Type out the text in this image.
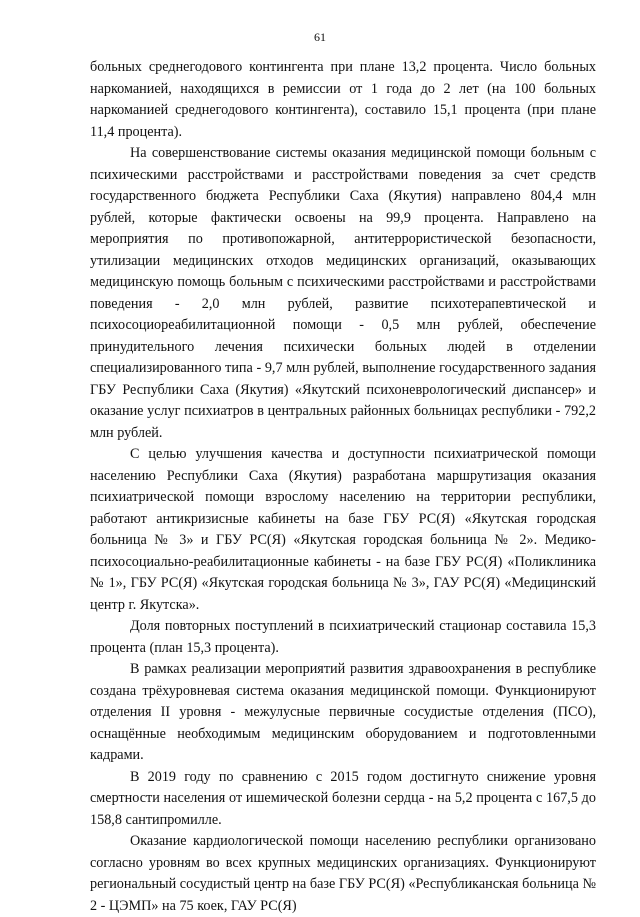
61

больных среднегодового контингента при плане 13,2 процента. Число больных наркоманией, находящихся в ремиссии от 1 года до 2 лет (на 100 больных наркоманией среднегодового контингента), составило 15,1 процента (при плане 11,4 процента).

На совершенствование системы оказания медицинской помощи больным с психическими расстройствами и расстройствами поведения за счет средств государственного бюджета Республики Саха (Якутия) направлено 804,4 млн рублей, которые фактически освоены на 99,9 процента. Направлено на мероприятия по противопожарной, антитеррористической безопасности, утилизации медицинских отходов медицинских организаций, оказывающих медицинскую помощь больным с психическими расстройствами и расстройствами поведения - 2,0 млн рублей, развитие психотерапевтической и психосоциореабилитационной помощи - 0,5 млн рублей, обеспечение принудительного лечения психически больных людей в отделении специализированного типа - 9,7 млн рублей, выполнение государственного задания ГБУ Республики Саха (Якутия) «Якутский психоневрологический диспансер» и оказание услуг психиатров в центральных районных больницах республики - 792,2 млн рублей.

С целью улучшения качества и доступности психиатрической помощи населению Республики Саха (Якутия) разработана маршрутизация оказания психиатрической помощи взрослому населению на территории республики, работают антикризисные кабинеты на базе ГБУ РС(Я) «Якутская городская больница № 3» и ГБУ РС(Я) «Якутская городская больница № 2». Медико-психосоциально-реабилитационные кабинеты - на базе ГБУ РС(Я) «Поликлиника № 1», ГБУ РС(Я) «Якутская городская больница № 3», ГАУ РС(Я) «Медицинский центр г. Якутска».

Доля повторных поступлений в психиатрический стационар составила 15,3 процента (план 15,3 процента).

В рамках реализации мероприятий развития здравоохранения в республике создана трёхуровневая система оказания медицинской помощи. Функционируют отделения II уровня - межулусные первичные сосудистые отделения (ПСО), оснащённые необходимым медицинским оборудованием и подготовленными кадрами.

В 2019 году по сравнению с 2015 годом достигнуто снижение уровня смертности населения от ишемической болезни сердца - на 5,2 процента с 167,5 до 158,8 сантипромилле.

Оказание кардиологической помощи населению республики организовано согласно уровням во всех крупных медицинских организациях. Функционируют региональный сосудистый центр на базе ГБУ РС(Я) «Республиканская больница № 2 - ЦЭМП» на 75 коек, ГАУ РС(Я)
